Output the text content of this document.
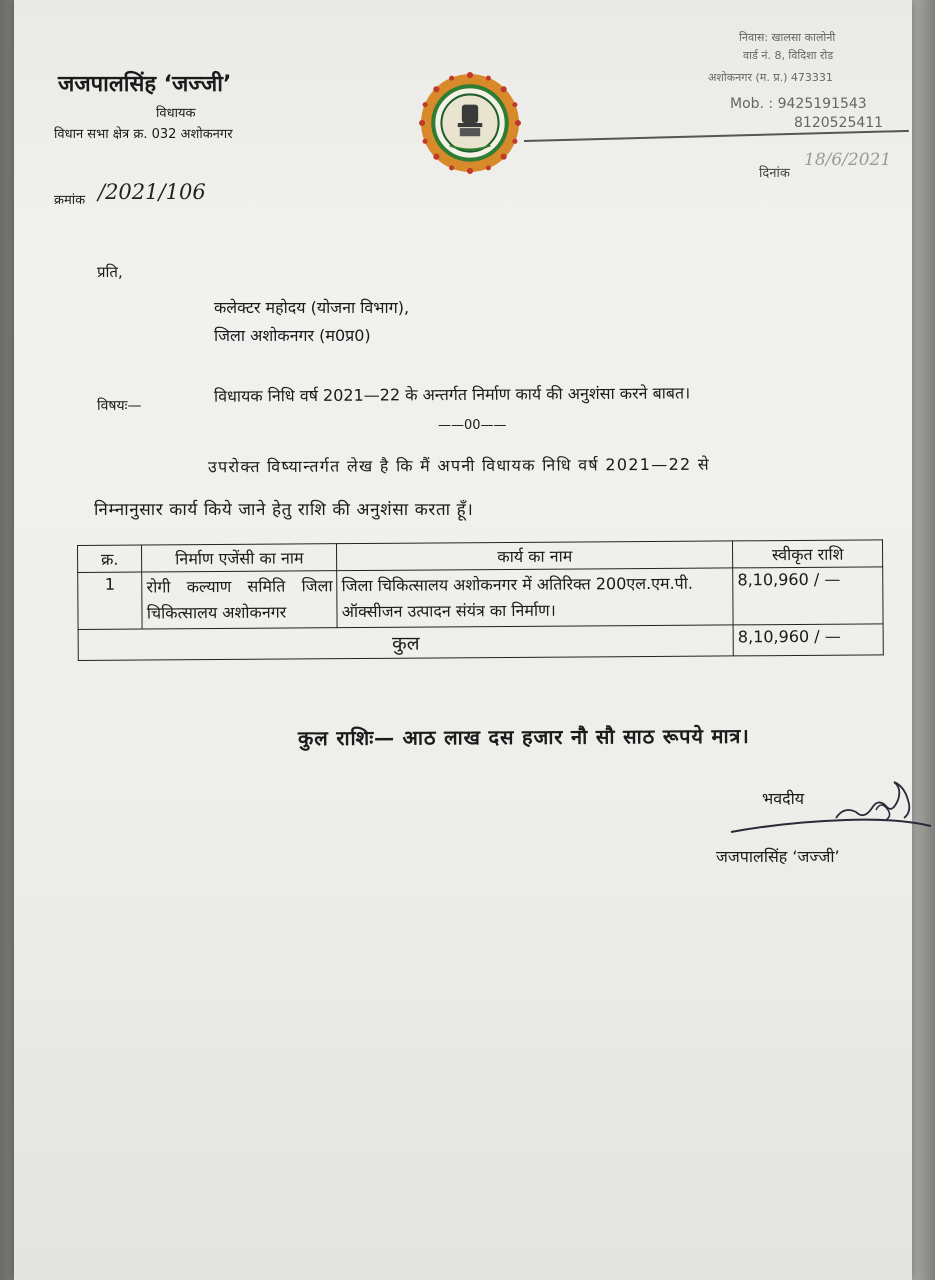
जजपालसिंह ‘जज्जी’
विधायक
विधान सभा क्षेत्र क्र. 032 अशोकनगर
निवास: खालसा कालोनी
वार्ड नं. 8, विदिशा रोड
अशोकनगर (म. प्र.) 473331
Mob. : 9425191543
8120525411
दिनांक
18/6/2021
क्रमांक /2021/106
प्रति,
कलेक्टर महोदय (योजना विभाग),
जिला अशोकनगर (म0प्र0)
विषयः—
विधायक निधि वर्ष 2021—22 के अन्तर्गत निर्माण कार्य की अनुशंसा करने बाबत।
——00——
उपरोक्त विष्यान्तर्गत लेख है कि मैं अपनी विधायक निधि वर्ष 2021—22 से
निम्नानुसार कार्य किये जाने हेतु राशि की अनुशंसा करता हूँ।
क्र.	निर्माण एजेंसी का नाम	कार्य का नाम	स्वीकृत राशि
1	रोगी कल्याण समिति जिला चिकित्सालय अशोकनगर	जिला चिकित्सालय अशोकनगर में अतिरिक्त 200एल.एम.पी. ऑक्सीजन उत्पादन संयंत्र का निर्माण।	8,10,960 / —
कुल			8,10,960 / —
कुल राशिः— आठ लाख दस हजार नौ सौ साठ रूपये मात्र।
भवदीय
जजपालसिंह ‘जज्जी’
